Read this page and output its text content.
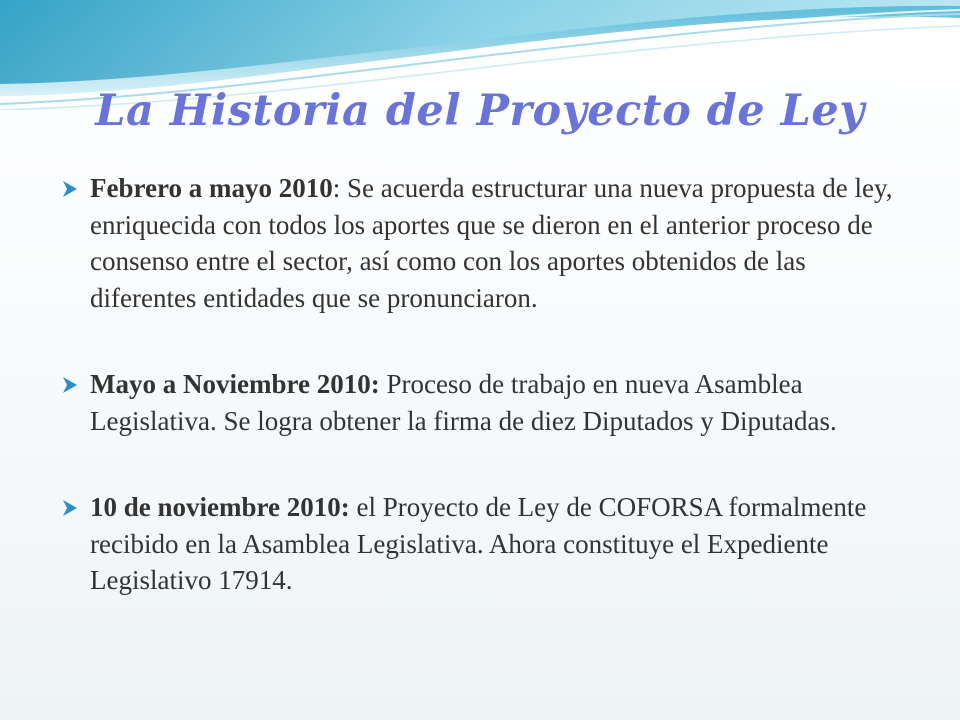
La Historia del Proyecto de Ley
Febrero a mayo 2010: Se acuerda estructurar una nueva propuesta de ley, enriquecida con todos los aportes que se dieron en el anterior proceso de consenso entre el sector, así como con los aportes obtenidos de las diferentes entidades que se pronunciaron.
Mayo a Noviembre 2010: Proceso de trabajo en nueva Asamblea Legislativa. Se logra obtener la firma de diez Diputados y Diputadas.
10 de noviembre 2010: el Proyecto de Ley de COFORSA formalmente recibido en la Asamblea Legislativa. Ahora constituye el Expediente Legislativo 17914.
